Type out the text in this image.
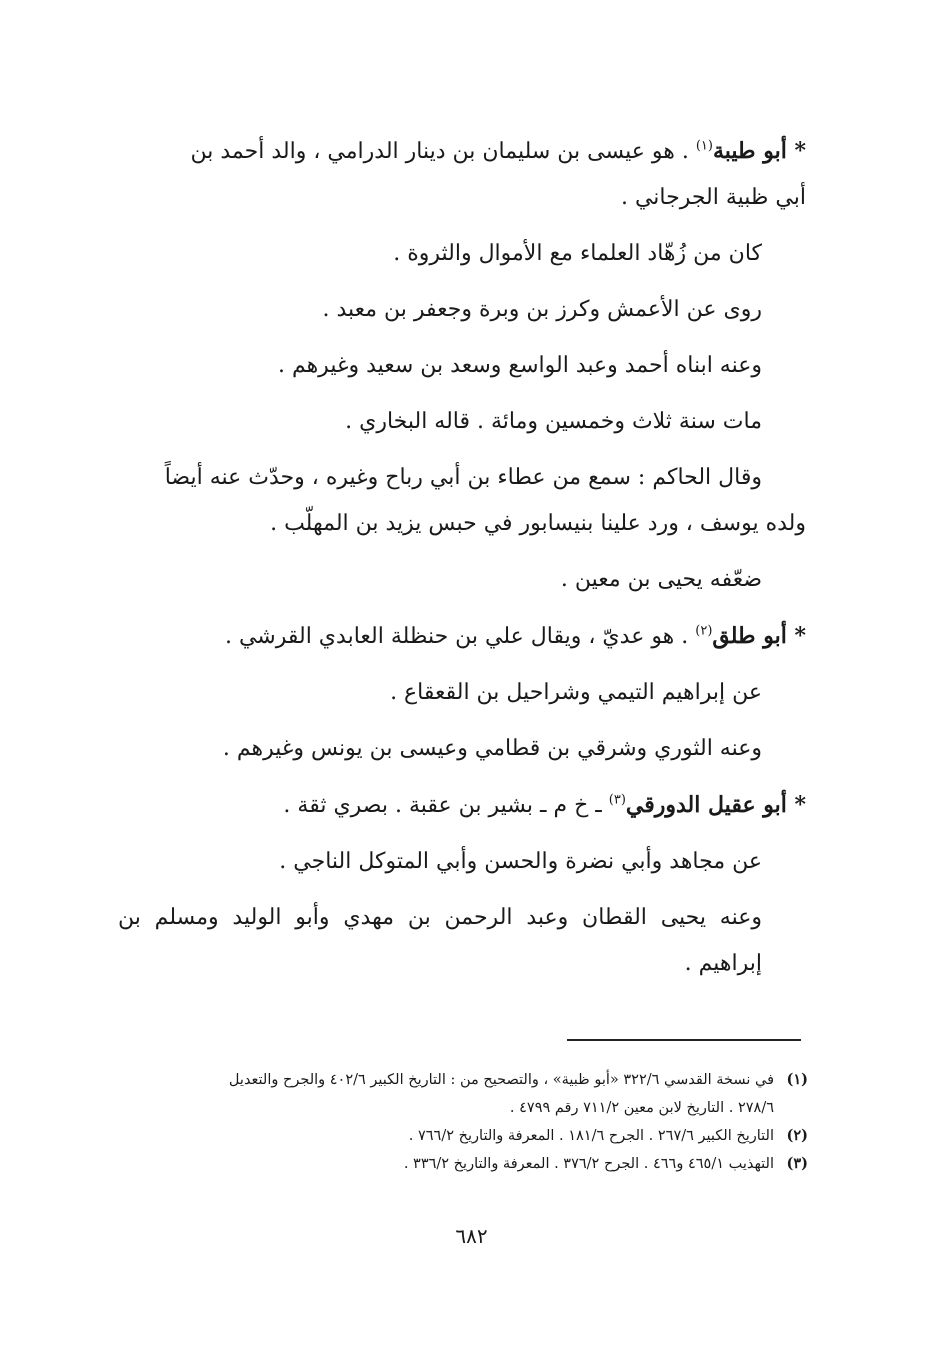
* أبو طيبة$^{(١)}$ . هو عيسى بن سليمان بن دينار الدرامي ، والد أحمد بن
أبي ظبية الجرجاني .
كان من زُهّاد العلماء مع الأموال والثروة .
روى عن الأعمش وكرز بن وبرة وجعفر بن معبد .
وعنه ابناه أحمد وعبد الواسع وسعد بن سعيد وغيرهم .
مات سنة ثلاث وخمسين ومائة . قاله البخاري .
وقال الحاكم : سمع من عطاء بن أبي رباح وغيره ، وحدّث عنه أيضاً
ولده يوسف ، ورد علينا بنيسابور في حبس يزيد بن المهلّب .
ضعّفه يحيى بن معين .
* أبو طلق$^{(٢)}$ . هو عديّ ، ويقال علي بن حنظلة العابدي القرشي .
عن إبراهيم التيمي وشراحيل بن القعقاع .
وعنه الثوري وشرقي بن قطامي وعيسى بن يونس وغيرهم .
* أبو عقيل الدورقي$^{(٣)}$ ـ خ م ـ بشير بن عقبة . بصري ثقة .
عن مجاهد وأبي نضرة والحسن وأبي المتوكل الناجي .
وعنه يحيى القطان وعبد الرحمن بن مهدي وأبو الوليد ومسلم بن إبراهيم .
(١)في نسخة القدسي ٣٢٢/٦ «أبو ظبية» ، والتصحيح من : التاريخ الكبير ٤٠٢/٦ والجرح والتعديل
٢٧٨/٦ . التاريخ لابن معين ٧١١/٢ رقم ٤٧٩٩ .
(٢)التاريخ الكبير ٢٦٧/٦ . الجرح ١٨١/٦ . المعرفة والتاريخ ٧٦٦/٢ .
(٣)التهذيب ٤٦٥/١ و٤٦٦ . الجرح ٣٧٦/٢ . المعرفة والتاريخ ٣٣٦/٢ .
٦٨٢
